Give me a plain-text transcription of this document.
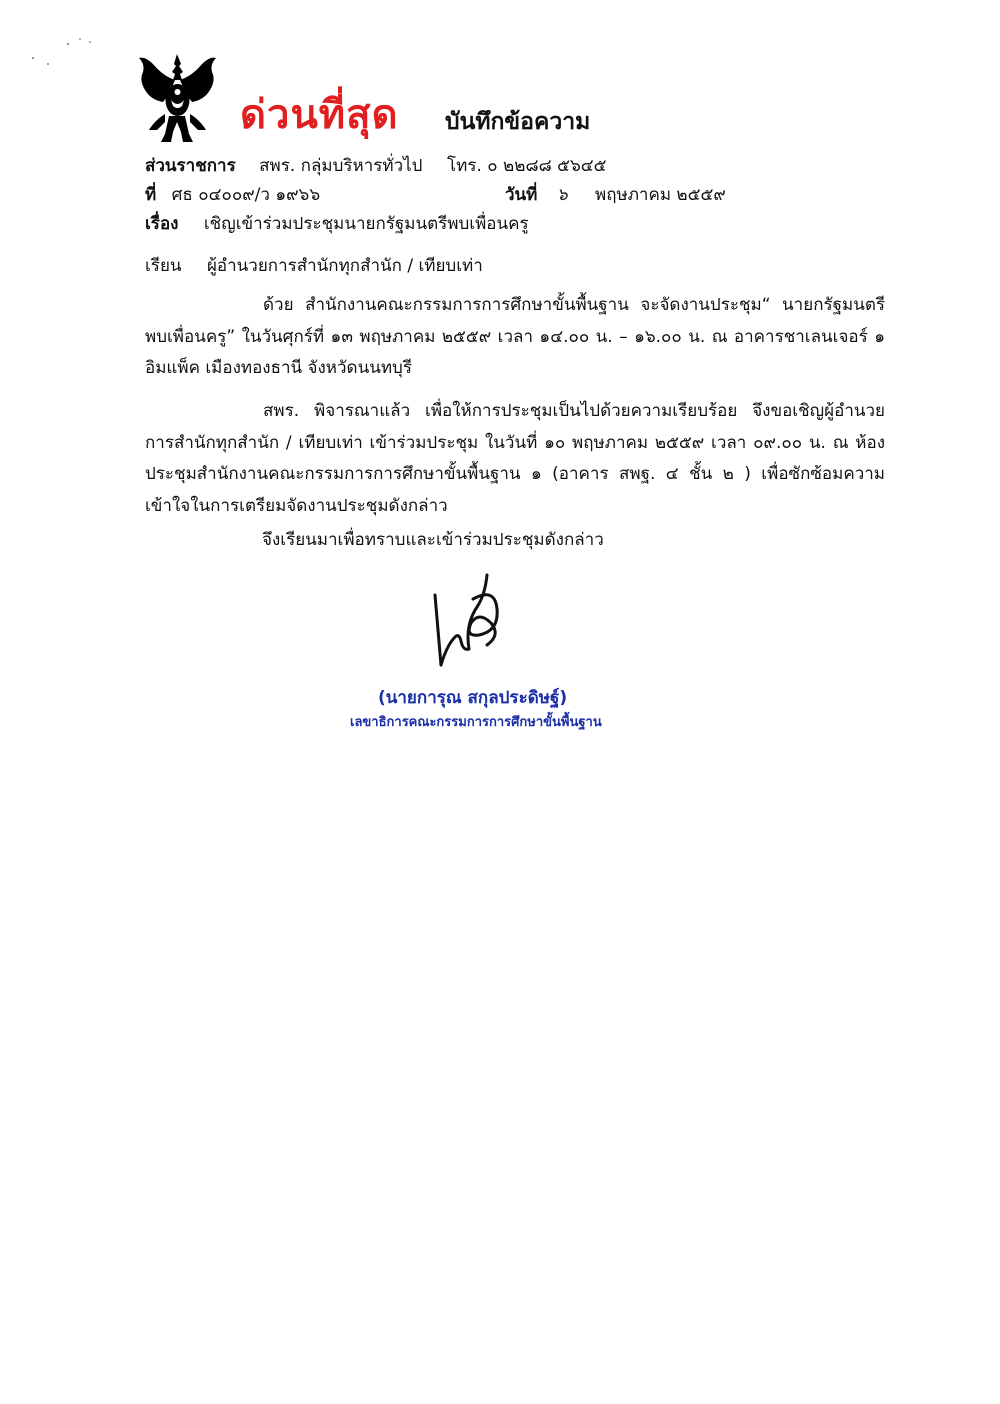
ด่วนที่สุด บันทึกข้อความ
ส่วนราชการ สพร. กลุ่มบริหารทั่วไป โทร. ๐ ๒๒๘๘ ๕๖๔๕
ที่ ศธ ๐๔๐๐๙/ว ๑๙๖๖	วันที่ ๖ พฤษภาคม ๒๕๕๙
เรื่อง เชิญเข้าร่วมประชุมนายกรัฐมนตรีพบเพื่อนครู
เรียน ผู้อำนวยการสำนักทุกสำนัก / เทียบเท่า
ด้วย สำนักงานคณะกรรมการการศึกษาขั้นพื้นฐาน จะจัดงานประชุม“ นายกรัฐมนตรีพบเพื่อนครู” ในวันศุกร์ที่ ๑๓ พฤษภาคม ๒๕๕๙ เวลา ๑๔.๐๐ น. – ๑๖.๐๐ น. ณ อาคารชาเลนเจอร์ ๑ อิมแพ็ค เมืองทองธานี จังหวัดนนทบุรี
สพร. พิจารณาแล้ว เพื่อให้การประชุมเป็นไปด้วยความเรียบร้อย จึงขอเชิญผู้อำนวยการสำนักทุกสำนัก / เทียบเท่า เข้าร่วมประชุม ในวันที่ ๑๐ พฤษภาคม ๒๕๕๙ เวลา ๐๙.๐๐ น. ณ ห้องประชุมสำนักงานคณะกรรมการการศึกษาขั้นพื้นฐาน ๑ (อาคาร สพฐ. ๔ ชั้น ๒ ) เพื่อซักซ้อมความเข้าใจในการเตรียมจัดงานประชุมดังกล่าว
จึงเรียนมาเพื่อทราบและเข้าร่วมประชุมดังกล่าว
(นายการุณ สกุลประดิษฐ์)
เลขาธิการคณะกรรมการการศึกษาขั้นพื้นฐาน
